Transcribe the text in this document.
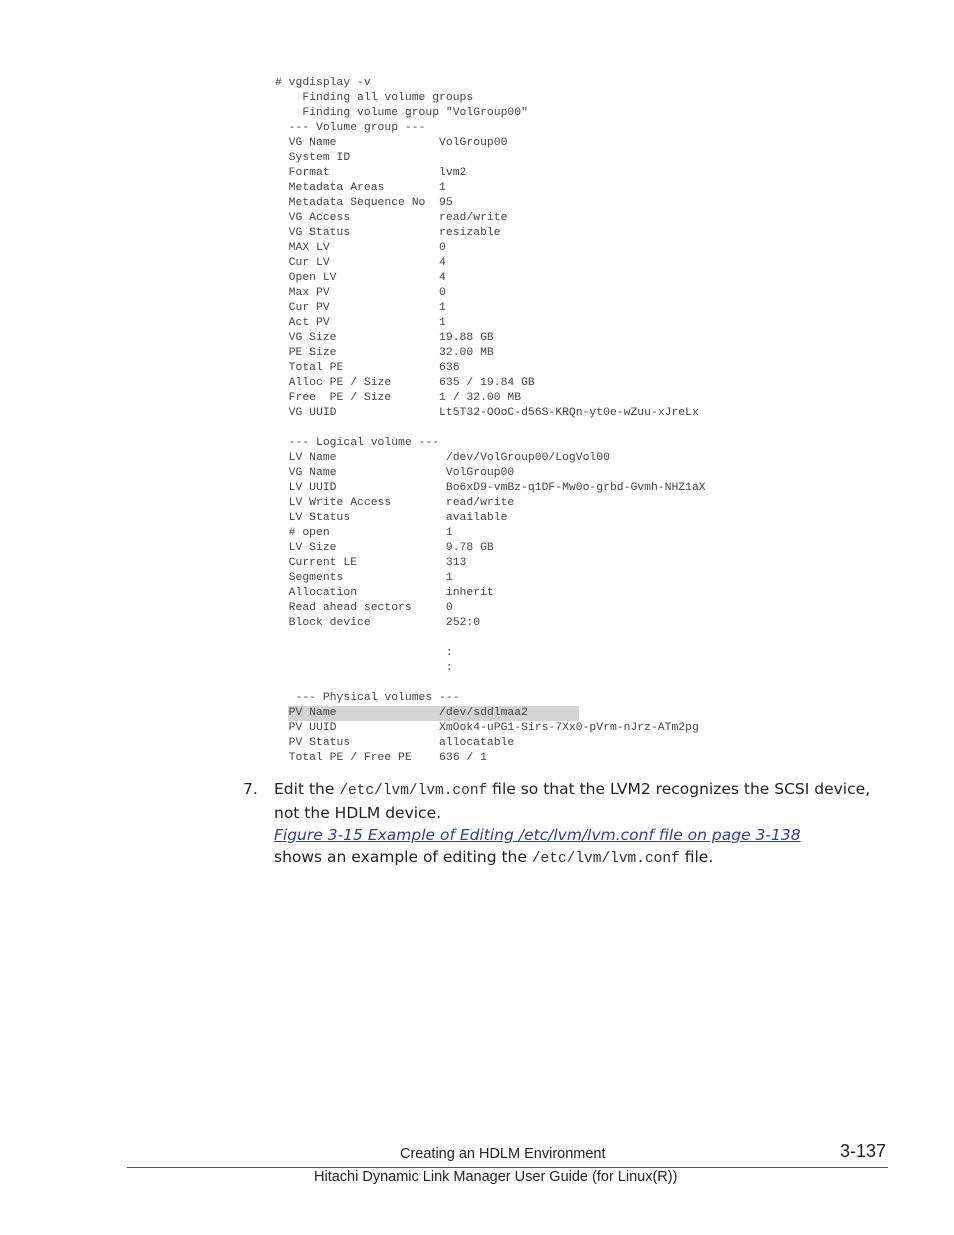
# vgdisplay -v
Finding all volume groups
Finding volume group "VolGroup00"
--- Volume group ---
VG Name               VolGroup00
System ID
Format                lvm2
Metadata Areas        1
Metadata Sequence No  95
VG Access             read/write
VG Status             resizable
MAX LV                0
Cur LV                4
Open LV               4
Max PV                0
Cur PV                1
Act PV                1
VG Size               19.88 GB
PE Size               32.00 MB
Total PE              636
Alloc PE / Size       635 / 19.84 GB
Free  PE / Size       1 / 32.00 MB
VG UUID               Lt5T32-OOoC-d56S-KRQn-yt0e-wZuu-xJreLx
--- Logical volume ---
LV Name                /dev/VolGroup00/LogVol00
VG Name                VolGroup00
LV UUID                Bo6xD9-vmBz-q1DF-Mw0o-grbd-Gvmh-NHZ1aX
LV Write Access        read/write
LV Status              available
# open                 1
LV Size                9.78 GB
Current LE             313
Segments               1
Allocation             inherit
Read ahead sectors     0
Block device           252:0
:
:
--- Physical volumes ---
PV Name               /dev/sddlmaa2
PV UUID               XmOok4-uPG1-Sirs-7Xx0-pVrm-nJrz-ATm2pg
PV Status             allocatable
Total PE / Free PE    636 / 1
7. Edit the /etc/lvm/lvm.conf file so that the LVM2 recognizes the SCSI device, not the HDLM device.
Figure 3-15 Example of Editing /etc/lvm/lvm.conf file on page 3-138
shows an example of editing the /etc/lvm/lvm.conf file.
Creating an HDLM Environment	3-137
Hitachi Dynamic Link Manager User Guide (for Linux(R))
